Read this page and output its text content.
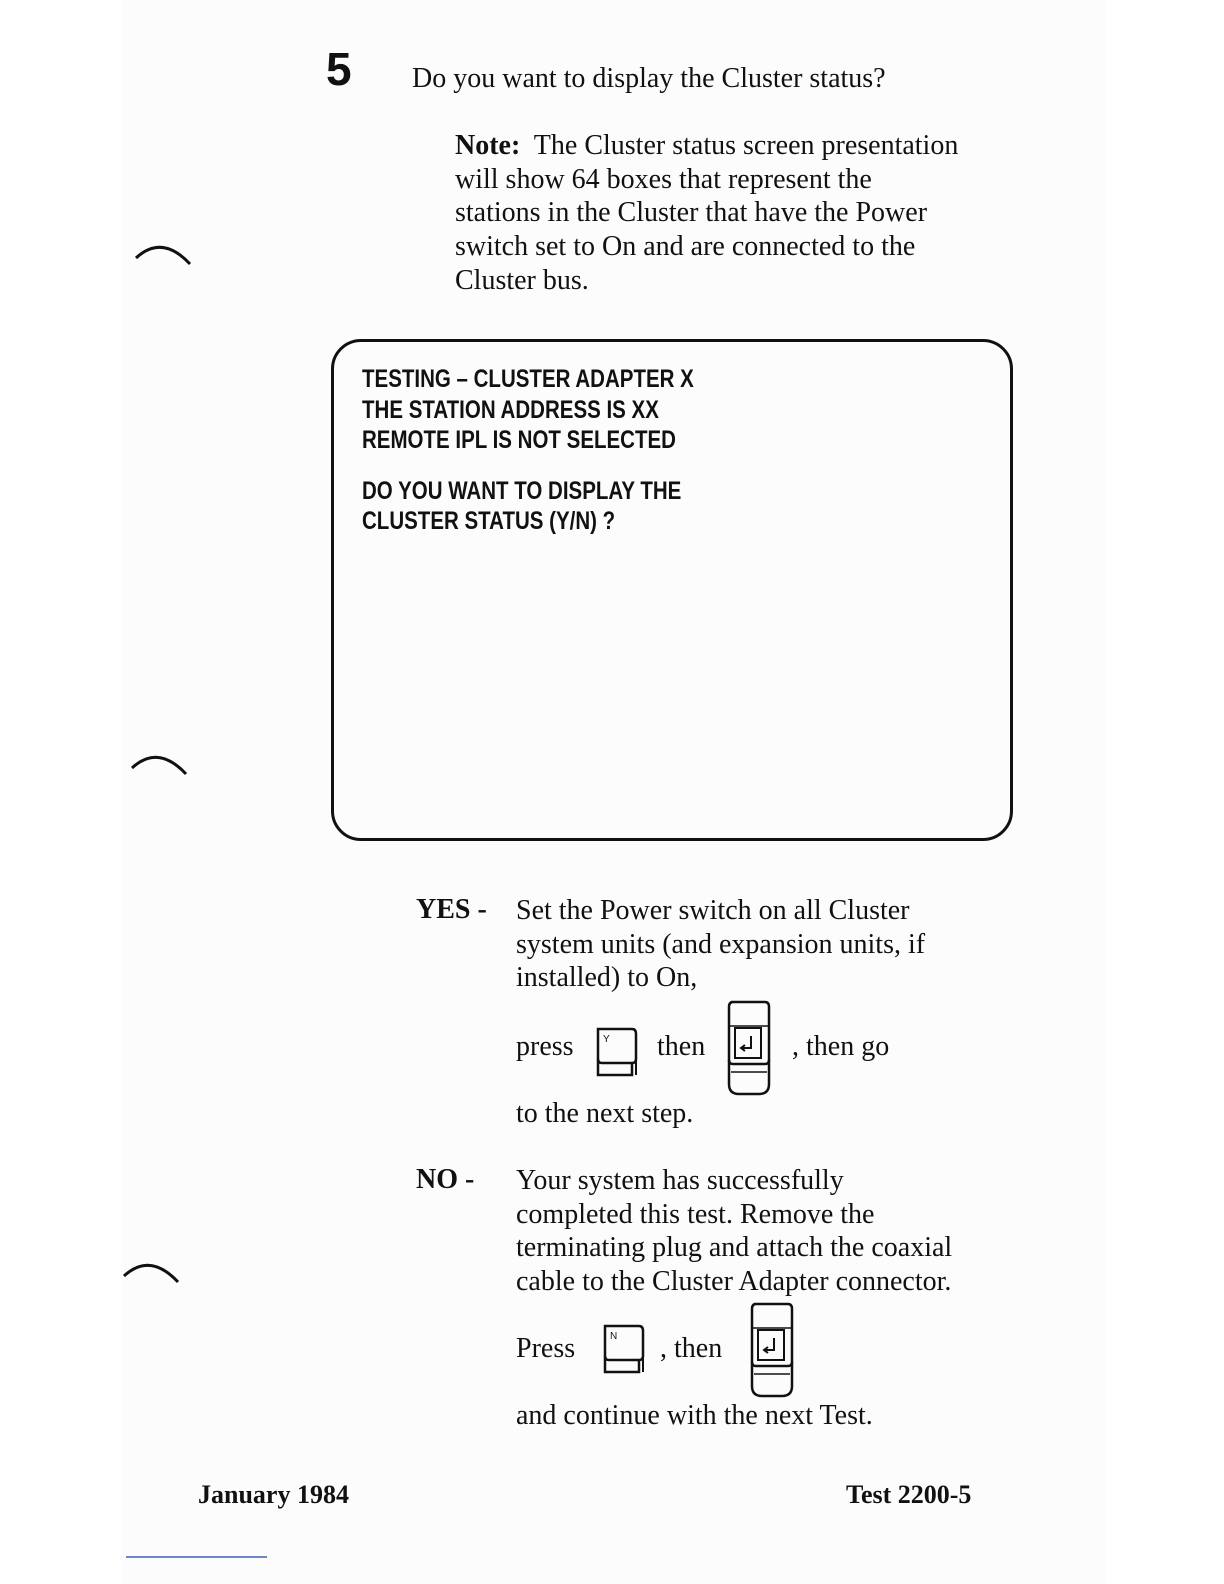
5 Do you want to display the Cluster status?
Note: The Cluster status screen presentation
will show 64 boxes that represent the
stations in the Cluster that have the Power
switch set to On and are connected to the
Cluster bus.
TESTING – CLUSTER ADAPTER X
THE STATION ADDRESS IS XX
REMOTE IPL IS NOT SELECTED
DO YOU WANT TO DISPLAY THE
CLUSTER STATUS (Y/N) ?
YES - Set the Power switch on all Cluster
system units (and expansion units, if
installed) to On,
press	Y then	, then go
to the next step.
NO - Your system has successfully
completed this test. Remove the
terminating plug and attach the coaxial
cable to the Cluster Adapter connector.
Press	N , then
and continue with the next Test.
January 1984	Test 2200-5
